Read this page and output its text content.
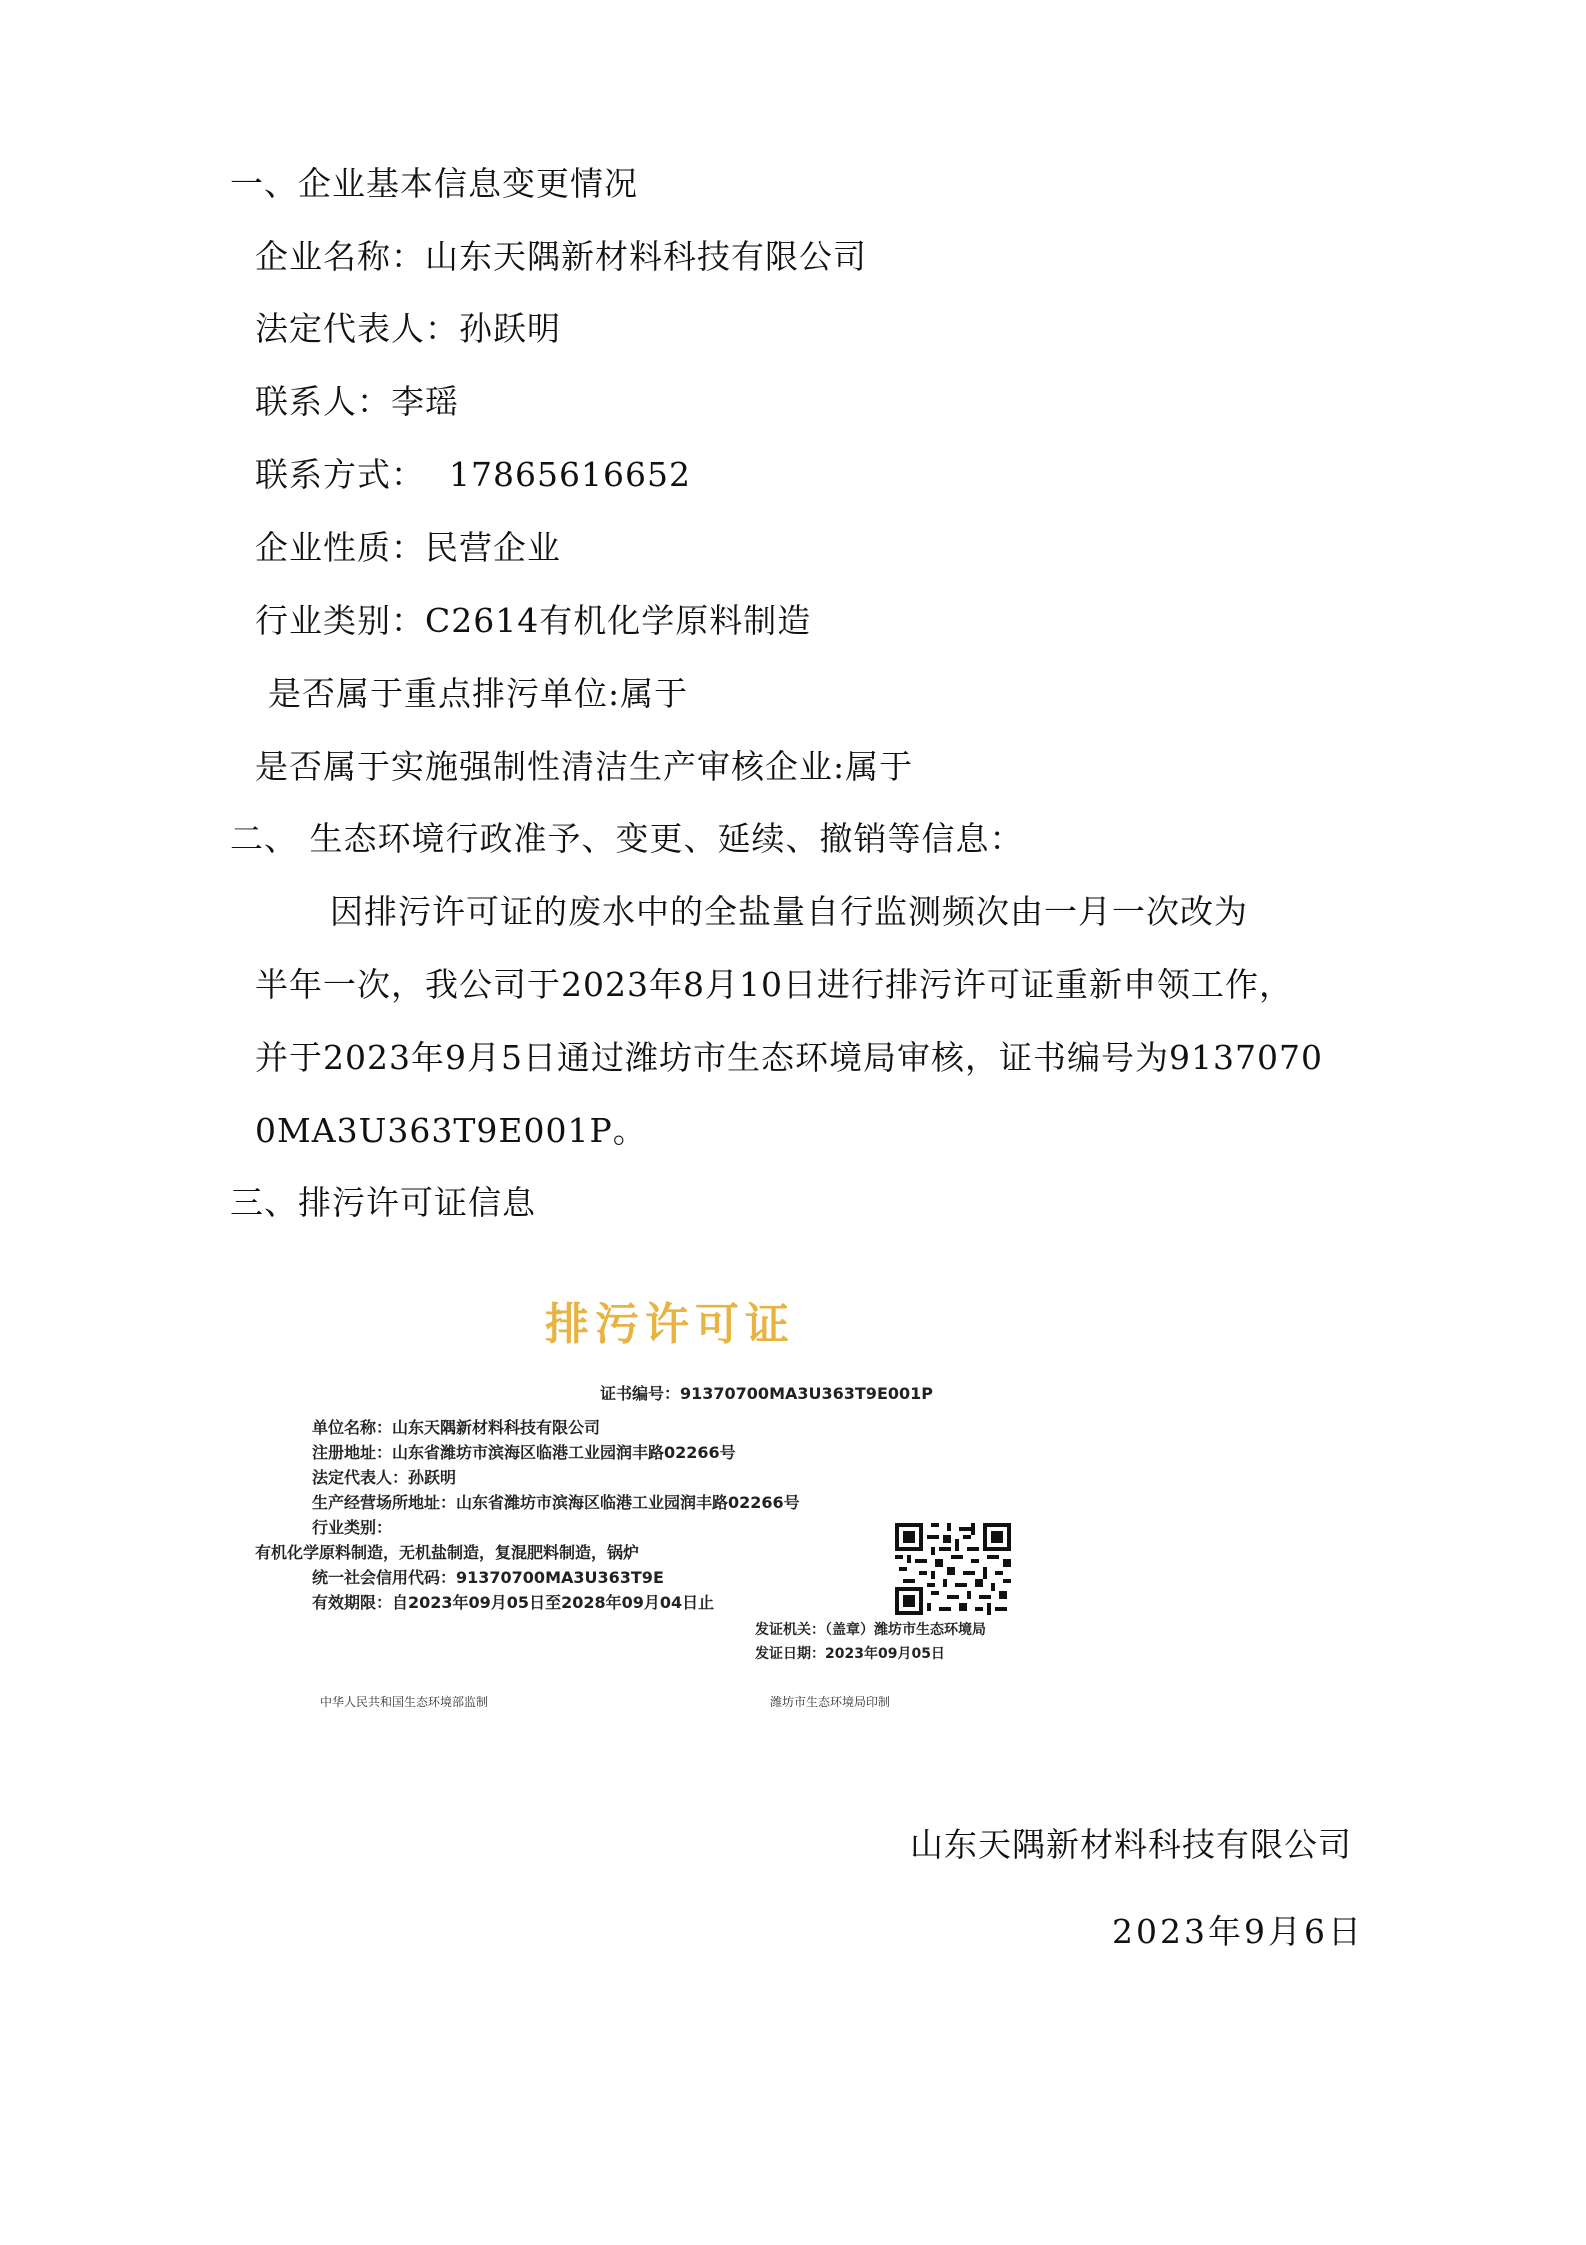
一、企业基本信息变更情况
企业名称：山东天隅新材料科技有限公司
法定代表人：孙跃明
联系人：李瑶
联系方式： 17865616652
企业性质：民营企业
行业类别：C2614有机化学原料制造
是否属于重点排污单位:属于
是否属于实施强制性清洁生产审核企业:属于
二、 生态环境行政准予、变更、延续、撤销等信息：
因排污许可证的废水中的全盐量自行监测频次由一月一次改为
半年一次，我公司于2023年8月10日进行排污许可证重新申领工作，
并于2023年9月5日通过潍坊市生态环境局审核，证书编号为9137070
0MA3U363T9E001P。
三、排污许可证信息
排污许可证
证书编号：91370700MA3U363T9E001P
单位名称：山东天隅新材料科技有限公司
注册地址：山东省潍坊市滨海区临港工业园润丰路02266号
法定代表人：孙跃明
生产经营场所地址：山东省潍坊市滨海区临港工业园润丰路02266号
行业类别：
有机化学原料制造，无机盐制造，复混肥料制造，锅炉
统一社会信用代码：91370700MA3U363T9E
有效期限：自2023年09月05日至2028年09月04日止
发证机关：（盖章）潍坊市生态环境局
发证日期：2023年09月05日
中华人民共和国生态环境部监制	潍坊市生态环境局印制
山东天隅新材料科技有限公司
2023年9月6日
